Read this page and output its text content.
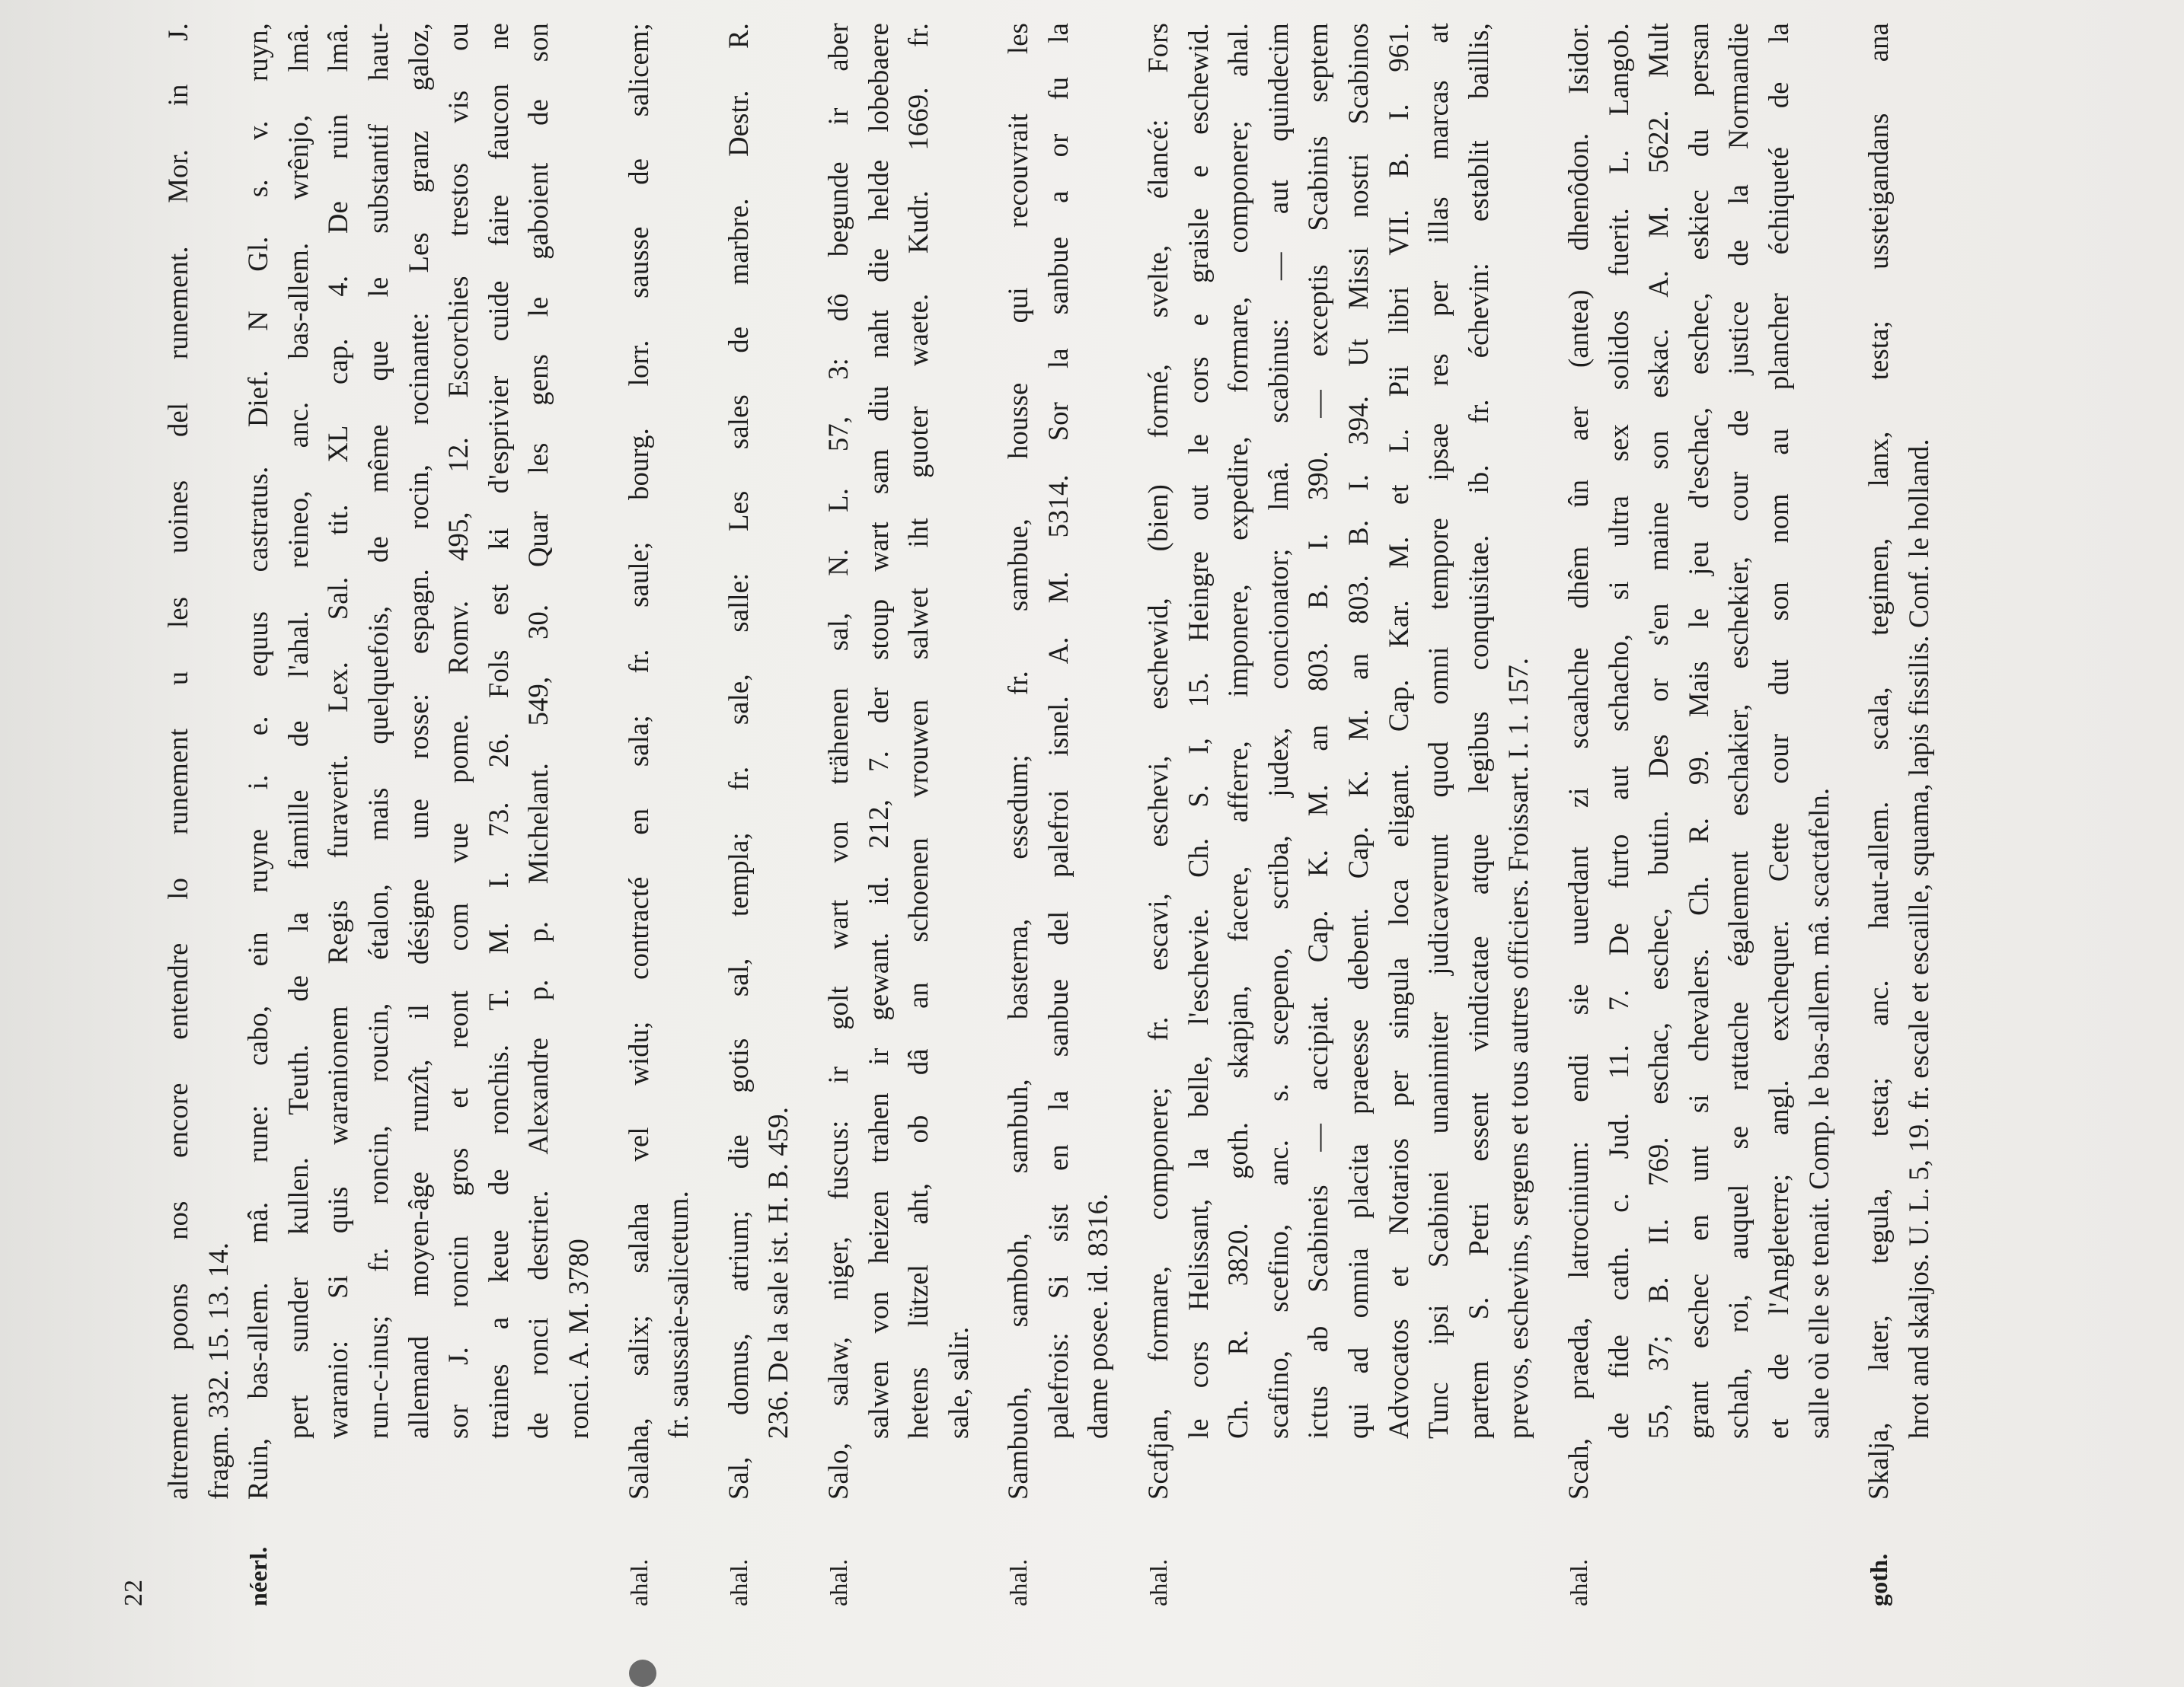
22
altrement poons nos encore entendre lo runement u les uoines del runement. Mor. in J. fragm. 332. 15. 13. 14.
néerl.
Ruin, bas-allem. mâ. rune: cabo, ein ruyne i. e. equus castratus. Dief. N Gl. s. v. ruyn, pert sunder kullen. Teuth. de la famille de l'ahal. reineo, anc. bas-allem. wrênjo, lmâ. waranio: Si quis waranionem Regis furaverit. Lex. Sal. tit. XL cap. 4. De ruin lmâ. run-c-inus; fr. roncin, roucin, étalon, mais quelquefois, de même que le substantif haut- allemand moyen-âge runzît, il désigne une rosse: espagn. rocin, rocinante: Les granz galoz, sor J. roncin gros et reont com vue pome. Romv. 495, 12. Escorchies trestos vis ou traines a keue de ronchis. T. M. I. 73. 26. Fols est ki d'esprivier cuide faire faucon ne de ronci destrier. Alexandre p. p. Michelant. 549, 30. Quar les gens le gaboient de son ronci. A. M. 3780
ahal.
Salaha, salix; salaha vel widu; contracté en sala; fr. saule; bourg. lorr. sausse de salicem; fr. saussaie-salicetum.
ahal.
Sal, domus, atrium; die gotis sal, templa; fr. sale, salle: Les sales de marbre. Destr. R. 236. De la sale ist. H. B. 459.
ahal.
Salo, salaw, niger, fuscus: ir golt wart von trähenen sal, N. L. 57, 3: dô begunde ir aber salwen von heizen trahen ir gewant. id. 212, 7. der stoup wart sam diu naht die helde lobebaere hetens lützel aht, ob dâ an schoenen vrouwen salwet iht guoter waete. Kudr. 1669. fr. sale, salir.
ahal.
Sambuoh, samboh, sambuh, basterna, essedum; fr. sambue, housse qui recouvrait les palefrois: Si sist en la sanbue del palefroi isnel. A. M. 5314. Sor la sanbue a or fu la dame posee. id. 8316.
ahal.
Scafjan, formare, componere; fr. escavi, eschevi, eschewid, (bien) formé, svelte, élancé: Fors le cors Helissant, la belle, l'eschevie. Ch. S. I, 15. Heingre out le cors e graisle e eschewid. Ch. R. 3820. goth. skapjan, facere, afferre, imponere, expedire, formare, componere; ahal. scafino, scefino, anc. s. scepeno, scriba, judex, concionator; lmâ. scabinus: — aut quindecim ictus ab Scabineis — accipiat. Cap. K. M. an 803. B. I. 390. — exceptis Scabinis septem qui ad omnia placita praeesse debent. Cap. K. M. an 803. B. I. 394. Ut Missi nostri Scabinos Advocatos et Notarios per singula loca eligant. Cap. Kar. M. et L. Pii libri VII. B. I. 961. Tunc ipsi Scabinei unanimiter judicaverunt quod omni tempore ipsae res per illas marcas at partem S. Petri essent vindicatae atque legibus conquisitae. ib. fr. échevin: establit baillis, prevos, eschevins, sergens et tous autres officiers. Froissart. I. 1. 157.
ahal.
Scah, praeda, latrocinium: endi sie uuerdant zi scaahche dhêm ûn aer (antea) dhenôdon. Isidor. de fide cath. c. Jud. 11. 7. De furto aut schacho, si ultra sex solidos fuerit. L. Langob. 55, 37; B. II. 769. eschac, eschec, butin. Des or s'en maine son eskac. A. M. 5622. Mult grant eschec en unt si chevalers. Ch. R. 99. Mais le jeu d'eschac, eschec, eskiec du persan schah, roi, auquel se rattache également eschakier, eschekier, cour de justice de la Normandie et de l'Angleterre; angl. exchequer. Cette cour dut son nom au plancher échiqueté de la salle où elle se tenait. Comp. le bas-allem. mâ. scactafeln.
goth.
Skalja, later, tegula, testa; anc. haut-allem. scala, tegimen, lanx, testa; ussteigandans ana hrot and skaljos. U. L. 5, 19. fr. escale et escaille, squama, lapis fissilis. Conf. le holland.
